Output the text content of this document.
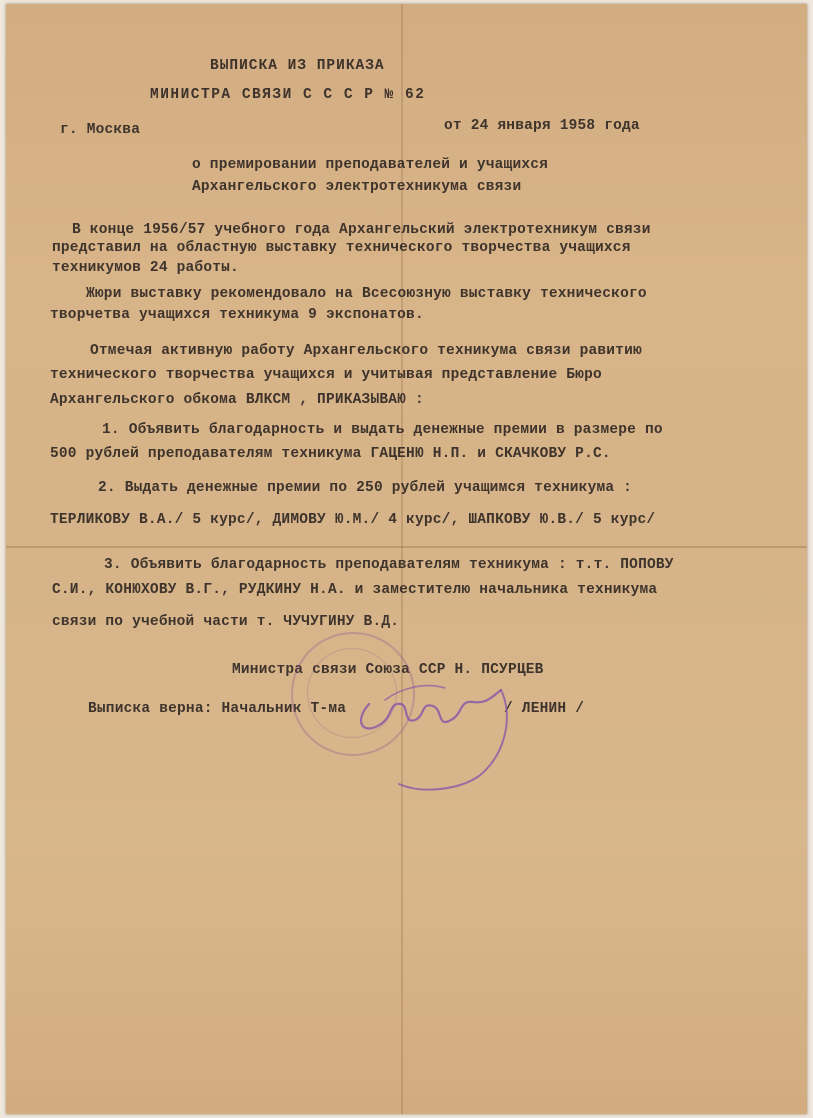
ВЫПИСКА ИЗ ПРИКАЗА
МИНИСТРА СВЯЗИ С С С Р № 62
г. Москва	от 24 января 1958 года
о премировании преподавателей и учащихся
Архангельского электротехникума связи
В конце 1956/57 учебного года Архангельский электротехникум связи
представил на областную выставку технического творчества учащихся
техникумов 24 работы.
Жюри выставку рекомендовало на Всесоюзную выставку технического
творчетва учащихся техникума 9 экспонатов.
Отмечая активную работу Архангельского техникума связи равитию
технического творчества учащихся и учитывая представление Бюро
Архангельского обкома ВЛКСМ , ПРИКАЗЫВАЮ :
1. Объявить благодарность и выдать денежные премии в размере по
500 рублей преподавателям техникума ГАЦЕНЮ Н.П. и СКАЧКОВУ Р.С.
2. Выдать денежные премии по 250 рублей учащимся техникума :
ТЕРЛИКОВУ В.А./ 5 курс/, ДИМОВУ Ю.М./ 4 курс/, ШАПКОВУ Ю.В./ 5 курс/
3. Объявить благодарность преподавателям техникума : т.т. ПОПОВУ
С.И., КОНЮХОВУ В.Г., РУДКИНУ Н.А. и заместителю начальника техникума
связи по учебной части т. ЧУЧУГИНУ В.Д.
Министра связи Союза ССР Н. ПСУРЦЕВ
Выписка верна: Начальник Т-ма	/ ЛЕНИН /
